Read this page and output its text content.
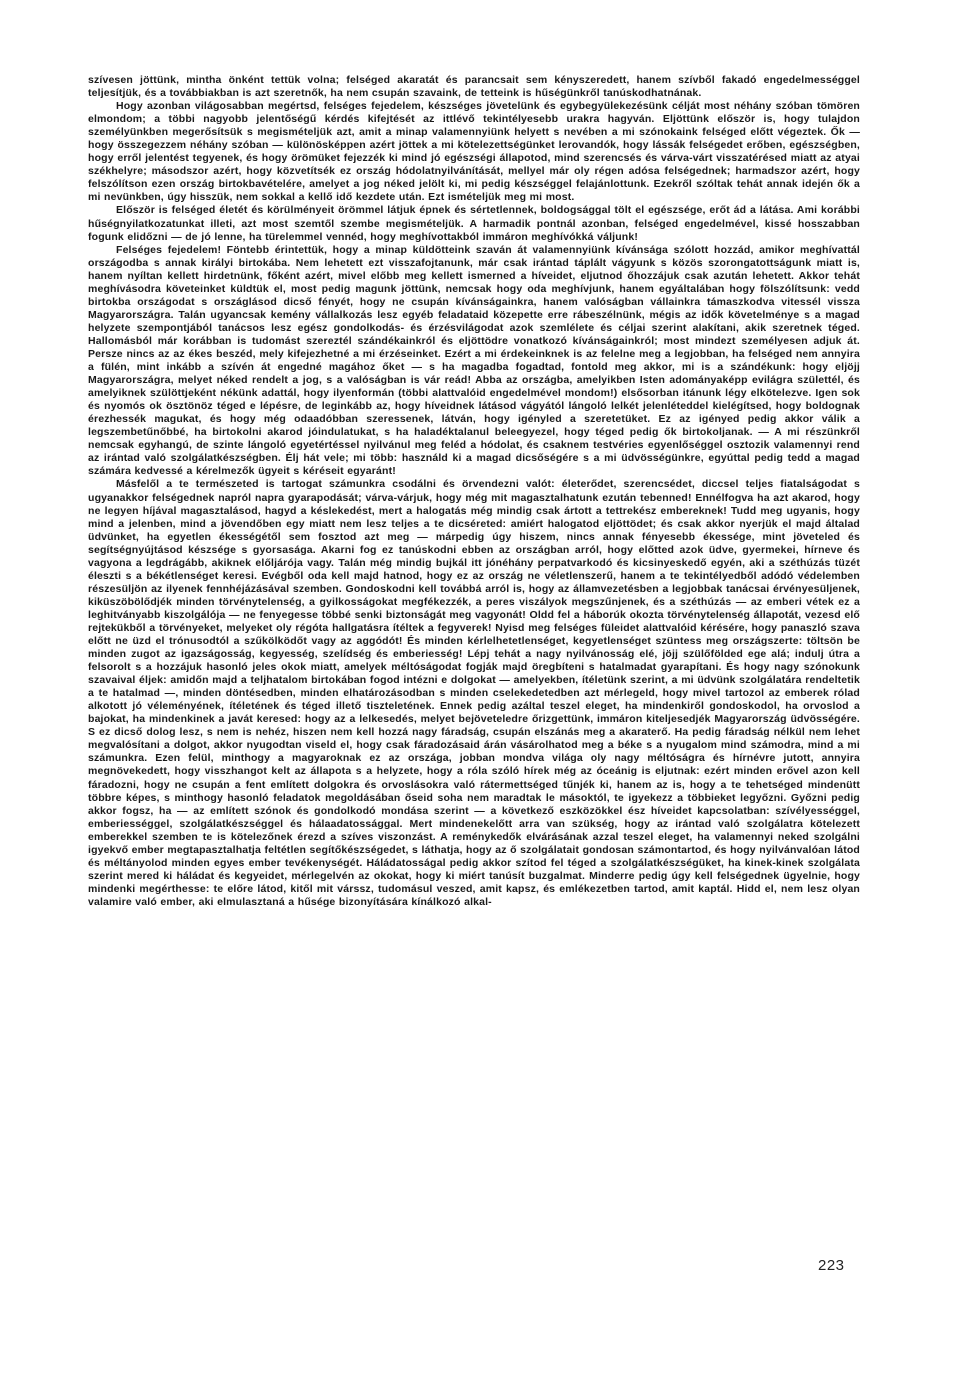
szívesen jöttünk, mintha önként tettük volna; felséged akaratát és parancsait sem kényszeredett, hanem szívből fakadó engedelmességgel teljesítjük, és a továbbiakban is azt szeretnők, ha nem csupán szavaink, de tetteink is hűségünkről tanúskodhatnának.

Hogy azonban világosabban megértsd, felséges fejedelem, készséges jövetelünk és egybegyülekezésünk célját most néhány szóban tömören elmondom; a többi nagyobb jelentőségű kérdés kifejtését az ittlévő tekintélyesebb urakra hagyván. Eljöttünk először is, hogy tulajdon személyünkben megerősítsük s megismételjük azt, amit a minap valamennyiünk helyett s nevében a mi szónokaink felséged előtt végeztek. Ők — hogy összegezzem néhány szóban — különösképpen azért jöttek a mi kötelezettségünket lerovandók, hogy lássák felségedet erőben, egészségben, hogy erről jelentést tegyenek, és hogy örömüket fejezzék ki mind jó egészségi állapotod, mind szerencsés és várva-várt visszatérésed miatt az atyai székhelyre; másodszor azért, hogy közvetítsék ez ország hódolatnyilvánítását, mellyel már oly régen adósa felségednek; harmadszor azért, hogy felszólítson ezen ország birtokbavételére, amelyet a jog néked jelölt ki, mi pedig készséggel felajánlottunk. Ezekről szóltak tehát annak idején ők a mi nevünkben, úgy hisszük, nem sokkal a kellő idő kezdete után. Ezt ismételjük meg mi most.

Először is felséged életét és körülményeit örömmel látjuk épnek és sértetlennek, boldogsággal tölt el egészsége, erőt ád a látása. Ami korábbi hűségnyilatkozatunkat illeti, azt most szemtől szembe megismételjük. A harmadik pontnál azonban, felséged engedelmével, kissé hosszabban fogunk elidőzni — de jó lenne, ha türelemmel vennéd, hogy meghívottakból immáron meghívókká váljunk!

Felséges fejedelem! Föntebb érintettük, hogy a minap küldötteink szaván át valamennyiünk kívánsága szólott hozzád, amikor meghívattál országodba s annak királyi birtokába. Nem lehetett ezt visszafojtanunk, már csak irántad táplált vágyunk s közös szorongatottságunk miatt is, hanem nyíltan kellett hirdetnünk, főként azért, mivel előbb meg kellett ismerned a híveidet, eljutnod őhozzájuk csak azután lehetett. Akkor tehát meghívásodra követeinket küldtük el, most pedig magunk jöttünk, nemcsak hogy oda meghívjunk, hanem egyáltalában hogy fölszólítsunk: vedd birtokba országodat s országlásod dicső fényét, hogy ne csupán kívánságainkra, hanem valóságban vállainkra támaszkodva vitessél vissza Magyarországra. Talán ugyancsak kemény vállalkozás lesz egyéb feladataid közepette erre rábeszélnünk, mégis az idők követelménye s a magad helyzete szempontjából tanácsos lesz egész gondolkodás- és érzésvilágodat azok szemlélete és céljai szerint alakítani, akik szeretnek téged. Hallomásból már korábban is tudomást szereztél szándékainkról és eljöttödre vonatkozó kívánságainkról; most mindezt személyesen adjuk át. Persze nincs az az ékes beszéd, mely kifejezhetné a mi érzéseinket. Ezért a mi érdekeinknek is az felelne meg a legjobban, ha felséged nem annyira a fülén, mint inkább a szívén át engedné magához őket — s ha magadba fogadtad, fontold meg akkor, mi is a szándékunk: hogy eljöjj Magyarországra, melyet néked rendelt a jog, s a valóságban is vár reád! Abba az országba, amelyikben Isten adományaképp evilágra születtél, és amelyiknek szülöttjeként nékünk adattál, hogy ilyenformán (többi alattvalóid engedelmével mondom!) elsősorban itánunk légy elkötelezve. Igen sok és nyomós ok ösztönöz téged e lépésre, de leginkább az, hogy híveidnek látásod vágyától lángoló lelkét jelenléteddel kielégítsed, hogy boldognak érezhessék magukat, és hogy még odaadóbban szeressenek, látván, hogy igényled a szeretetüket. Ez az igényed pedig akkor válik a legszembetűnőbbé, ha birtokolni akarod jóindulatukat, s ha haladéktalanul beleegyezel, hogy téged pedig ők birtokoljanak. — A mi részünkről nemcsak egyhangú, de szinte lángoló egyetértéssel nyilvánul meg feléd a hódolat, és csaknem testvéries egyenlőséggel osztozik valamennyi rend az irántad való szolgálatkészségben. Élj hát vele; mi több: használd ki a magad dicsőségére s a mi üdvösségünkre, egyúttal pedig tedd a magad számára kedvessé a kérelmezők ügyeit s kéréseit egyaránt!

Másfelől a te természeted is tartogat számunkra csodálni és örvendezni valót: életerődet, szerencsédet, diccsel teljes fiatalságodat s ugyanakkor felségednek napról napra gyarapodását; várva-várjuk, hogy még mit magasztalhatunk ezután tebenned! Ennélfogva ha azt akarod, hogy ne legyen híjával magasztalásod, hagyd a késlekedést, mert a halogatás még mindig csak ártott a tettrekész embereknek! Tudd meg ugyanis, hogy mind a jelenben, mind a jövendőben egy miatt nem lesz teljes a te dicséreted: amiért halogatod eljöttödet; és csak akkor nyerjük el majd általad üdvünket, ha egyetlen ékességétől sem fosztod azt meg — márpedig úgy hiszem, nincs annak fényesebb ékessége, mint jöveteled és segítségnyújtásod készsége s gyorsasága. Akarni fog ez tanúskodni ebben az országban arról, hogy előtted azok üdve, gyermekei, hírneve és vagyona a legdrágább, akiknek előljárója vagy. Talán még mindig bujkál itt jónéhány perpatvarkodó és kicsinyeskedő egyén, aki a széthúzás tüzét éleszti s a békétlenséget keresi. Evégből oda kell majd hatnod, hogy ez az ország ne véletlenszerű, hanem a te tekintélyedből adódó védelemben részesüljön az ilyenek fennhéjázásával szemben. Gondoskodni kell továbbá arról is, hogy az államvezetésben a legjobbak tanácsai érvényesüljenek, kiküszöbölődjék minden törvénytelenség, a gyilkosságokat megfékezzék, a peres viszályok megszűnjenek, és a széthúzás — az emberi vétek ez a leghitványabb kiszolgálója — ne fenyegesse többé senki biztonságát meg vagyonát! Oldd fel a háborúk okozta törvénytelenség állapotát, vezesd elő rejtekükből a törvényeket, melyeket oly régóta hallgatásra ítéltek a fegyverek! Nyisd meg felséges füleidet alattvalóid kérésére, hogy panaszló szava előtt ne üzd el trónusodtól a szűkölködőt vagy az aggódót! És minden kérlelhetetlenséget, kegyetlenséget szüntess meg országszerte: töltsön be minden zugot az igazságosság, kegyesség, szelídség és emberiesség! Lépj tehát a nagy nyilvánosság elé, jöjj szülőfölded ege alá; indulj útra a felsorolt s a hozzájuk hasonló jeles okok miatt, amelyek méltóságodat fogják majd öregbíteni s hatalmadat gyarapítani. És hogy nagy szónokunk szavaival éljek: amidőn majd a teljhatalom birtokában fogod intézni e dolgokat — amelyekben, ítéletünk szerint, a mi üdvünk szolgálatára rendeltetik a te hatalmad —, minden döntésedben, minden elhatározásodban s minden cselekedetedben azt mérlegeld, hogy mivel tartozol az emberek rólad alkotott jó véleményének, ítéletének és téged illető tiszteletének. Ennek pedig azáltal teszel eleget, ha mindenkiről gondoskodol, ha orvoslod a bajokat, ha mindenkinek a javát keresed: hogy az a lelkesedés, melyet bejöveteledre őrizgettünk, immáron kiteljesedjék Magyarország üdvösségére. S ez dicső dolog lesz, s nem is nehéz, hiszen nem kell hozzá nagy fáradság, csupán elszánás meg a akaraterő. Ha pedig fáradság nélkül nem lehet megvalósítani a dolgot, akkor nyugodtan viseld el, hogy csak fáradozásaid árán vásárolhatod meg a béke s a nyugalom mind számodra, mind a mi számunkra. Ezen felül, minthogy a magyaroknak ez az országa, jobban mondva világa oly nagy méltóságra és hírnévre jutott, annyira megnövekedett, hogy visszhangot kelt az állapota s a helyzete, hogy a róla szóló hírek még az óceánig is eljutnak: ezért minden erővel azon kell fáradozni, hogy ne csupán a fent említett dolgokra és orvoslásokra való rátermettséged tűnjék ki, hanem az is, hogy a te tehetséged mindenütt többre képes, s minthogy hasonló feladatok megoldásában őseid soha nem maradtak le másoktól, te igyekezz a többieket legyőzni. Győzni pedig akkor fogsz, ha — az említett szónok és gondolkodó mondása szerint — a következő eszközökkel ész híveidet kapcsolatban: szívélyességgel, emberiességgel, szolgálatkészséggel és hálaadatossággal. Mert mindenekelőtt arra van szükség, hogy az irántad való szolgálatra kötelezett emberekkel szemben te is kötelezőnek érezd a szíves viszonzást. A reménykedők elvárásának azzal teszel eleget, ha valamennyi neked szolgálni igyekvő ember megtapasztalhatja feltétlen segítőkészségedet, s láthatja, hogy az ő szolgálatait gondosan számontartod, és hogy nyilvánvalóan látod és méltányolod minden egyes ember tevékenységét. Háládatosságal pedig akkor szítod fel téged a szolgálatkészségüket, ha kinek-kinek szolgálata szerint mered ki háládat és kegyeidet, mérlegelvén az okokat, hogy ki miért tanúsít buzgalmat. Minderre pedig úgy kell felségednek ügyelnie, hogy mindenki megérthesse: te előre látod, kitől mit várssz, tudomásul veszed, amit kapsz, és emlékezetben tartod, amit kaptál. Hidd el, nem lesz olyan valamire való ember, aki elmulasztaná a hűsége bizonyítására kínálkozó alkal-

223
